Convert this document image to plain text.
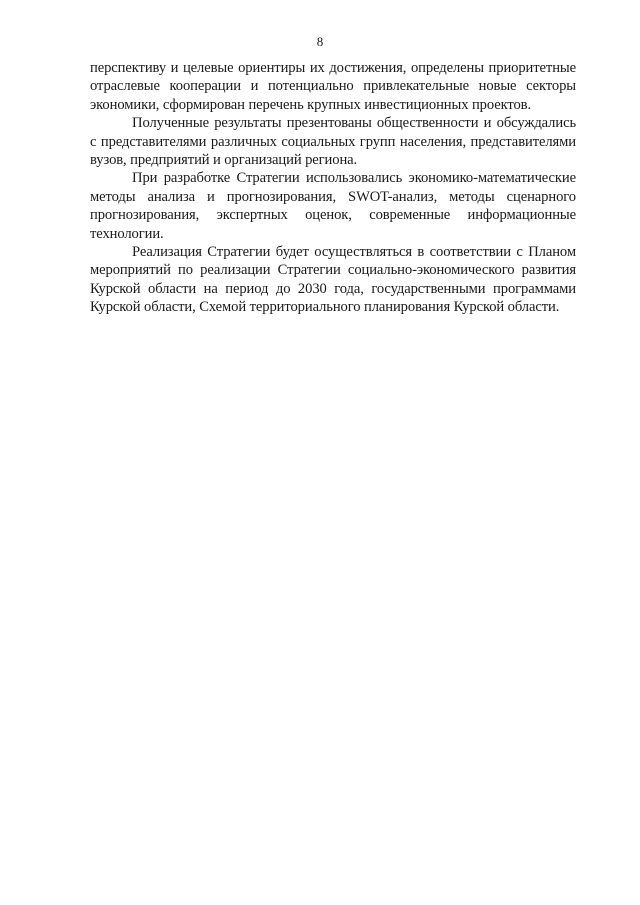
8

перспективу и целевые ориентиры их достижения, определены приоритетные отраслевые кооперации и потенциально привлекательные новые секторы экономики, сформирован перечень крупных инвестиционных проектов.

Полученные результаты презентованы общественности и обсуждались с представителями различных социальных групп населения, представителями вузов, предприятий и организаций региона.

При разработке Стратегии использовались экономико-математические методы анализа и прогнозирования, SWOT-анализ, методы сценарного прогнозирования, экспертных оценок, современные информационные технологии.

Реализация Стратегии будет осуществляться в соответствии с Планом мероприятий по реализации Стратегии социально-экономического развития Курской области на период до 2030 года, государственными программами Курской области, Схемой территориального планирования Курской области.
